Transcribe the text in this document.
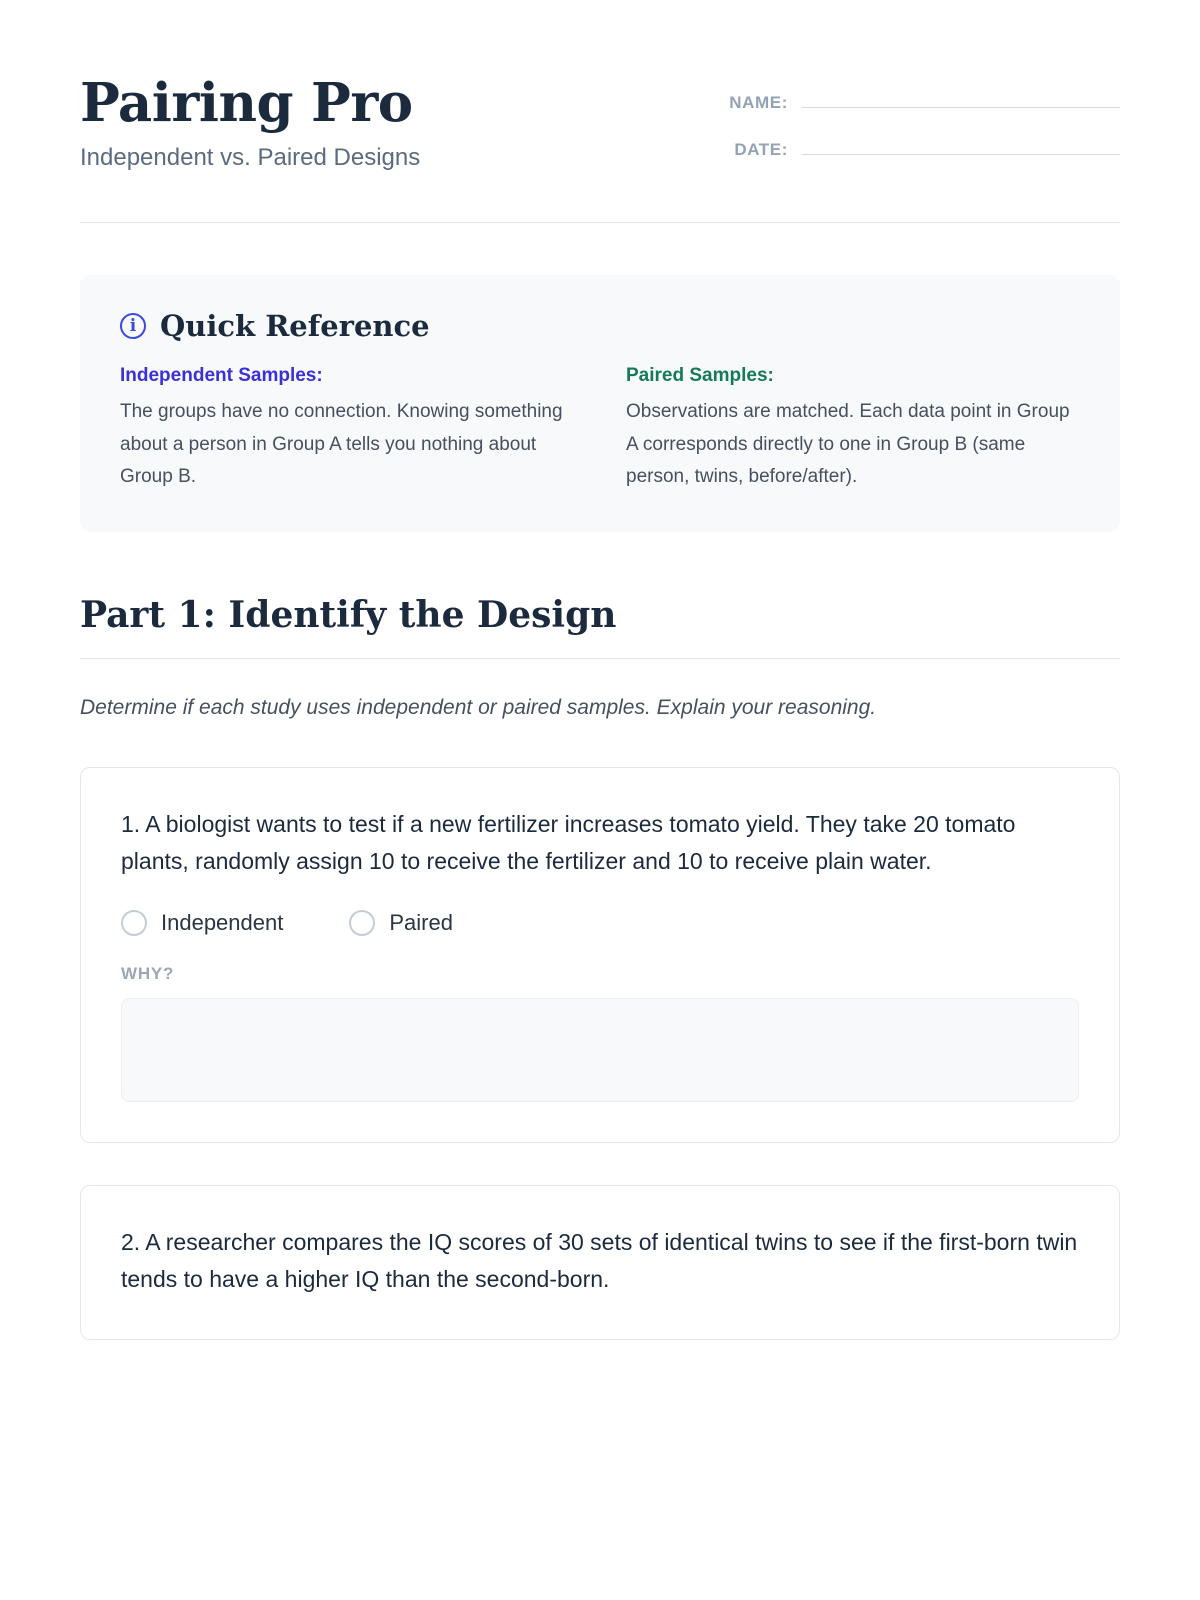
Pairing Pro

Independent vs. Paired Designs

NAME:
DATE:
i Quick Reference
Independent Samples:
The groups have no connection. Knowing something about a person in Group A tells you nothing about Group B.
Paired Samples:
Observations are matched. Each data point in Group A corresponds directly to one in Group B (same person, twins, before/after).
Part 1: Identify the Design

Determine if each study uses independent or paired samples. Explain your reasoning.

1. A biologist wants to test if a new fertilizer increases tomato yield. They take 20 tomato plants, randomly assign 10 to receive the fertilizer and 10 to receive plain water.

Independent	Paired
WHY?

2. A researcher compares the IQ scores of 30 sets of identical twins to see if the first-born twin tends to have a higher IQ than the second-born.
